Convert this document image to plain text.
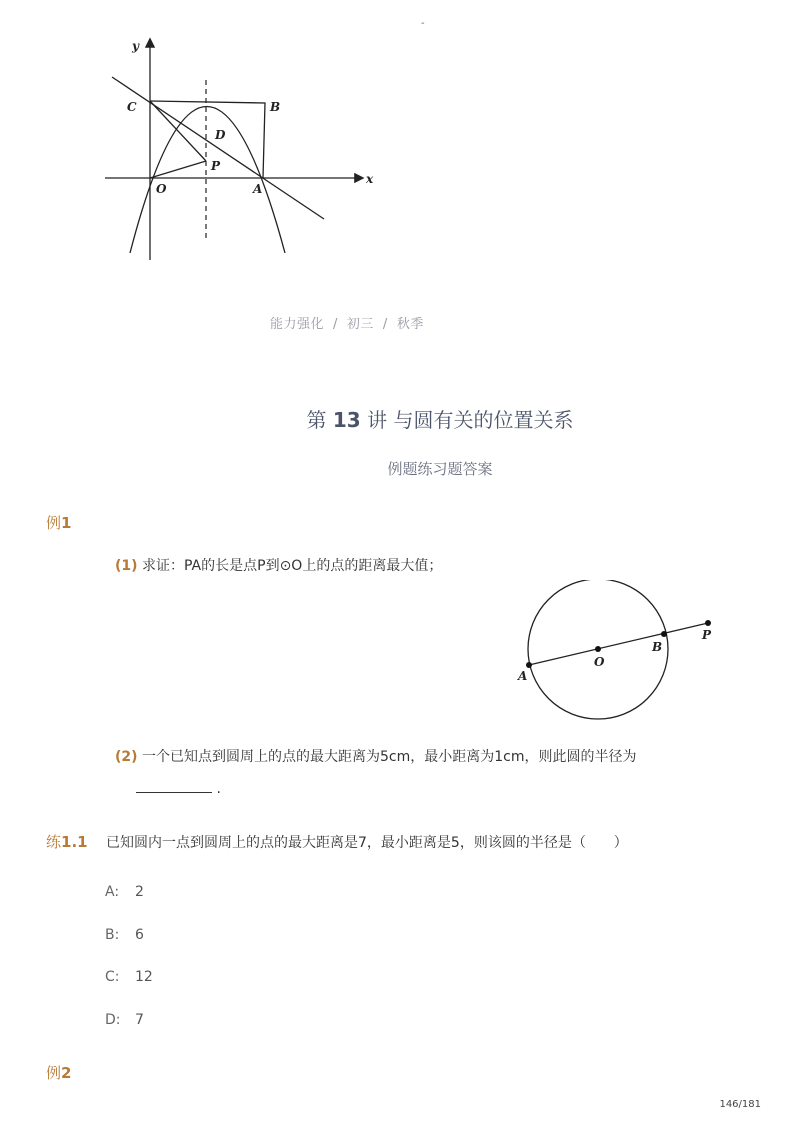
-
y
x
C	B
D
P
O	A
能力强化 / 初三 / 秋季
第 13 讲 与圆有关的位置关系
例题练习题答案
例1
(1) 求证：PA的长是点P到⊙O上的点的距离最大值；
A
O
B
P
(2) 一个已知点到圆周上的点的最大距离为5cm，最小距离为1cm，则此圆的半径为
.
练1.1 已知圆内一点到圆周上的点的最大距离是7，最小距离是5，则该圆的半径是（　　）
A: 2
B: 6
C: 12
D: 7
例2
146/181
